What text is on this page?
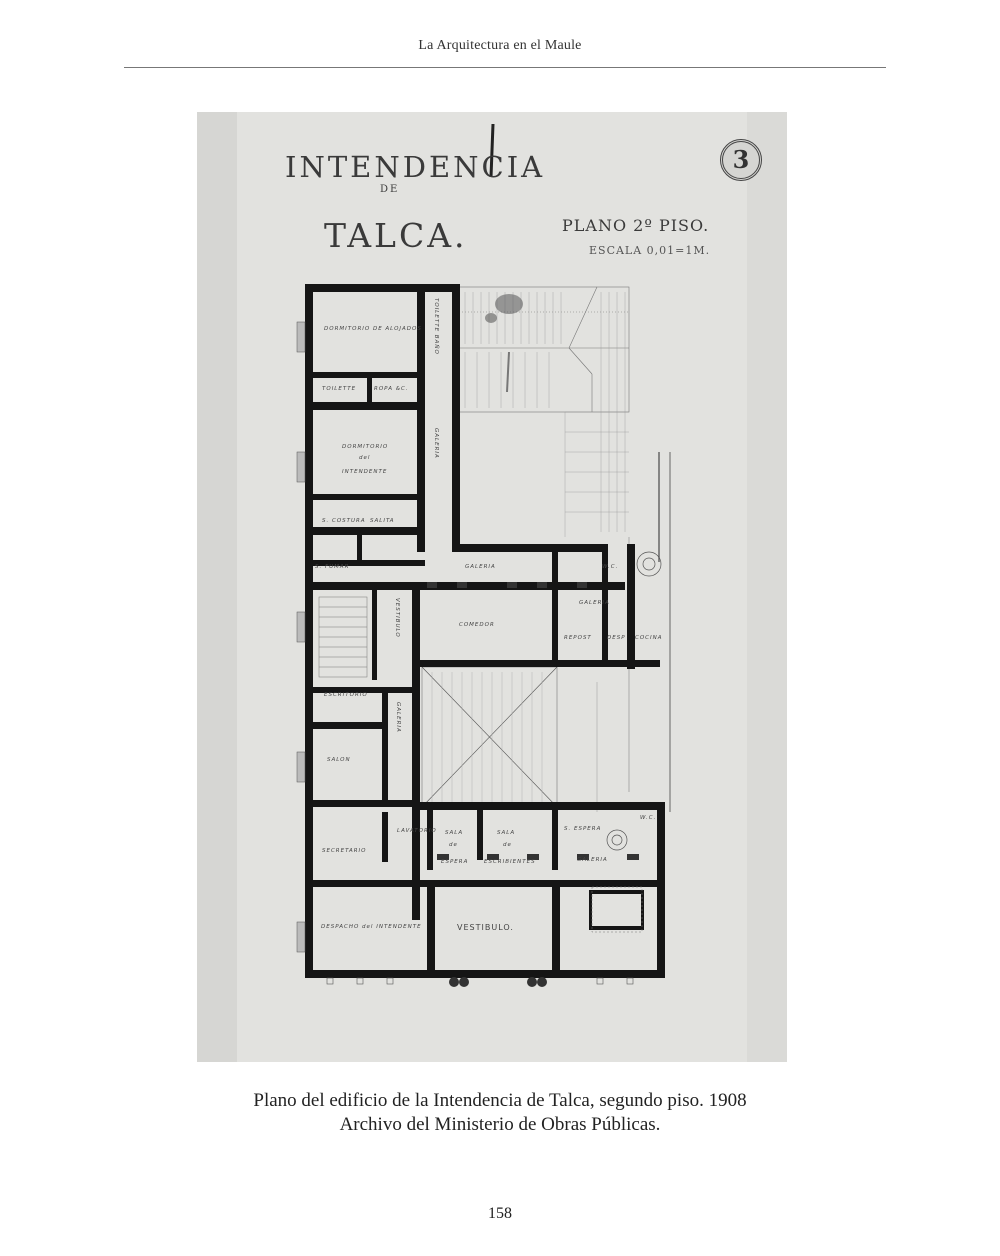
La Arquitectura en el Maule
INTENDENCIA
DE
TALCA.	PLANO 2º PISO.
ESCALA 0,01=1M.
3
DORMITORIO DE ALOJADOS TOILETTE BAÑO
TOILETTE	ROPA &C.
DORMITORIO
del
INTENDENTE
GALERIA
S. COSTURA SALITA
S. FUMAR	GALERIA	W.C.
VESTIBULO	COMEDOR
GALERIA
REPOST	DESP COCINA
ESCRITORIO
GALERIA
SALON
LAVATORIO SALA
de
ESPERA
SALA
de
ESCRIBIENTES
S. ESPERA
W.C.
GALERIA
SECRETARIO
DESPACHO del INTENDENTE	VESTIBULO.
Plano del edificio de la Intendencia de Talca, segundo piso. 1908
Archivo del Ministerio de Obras Públicas.
158
